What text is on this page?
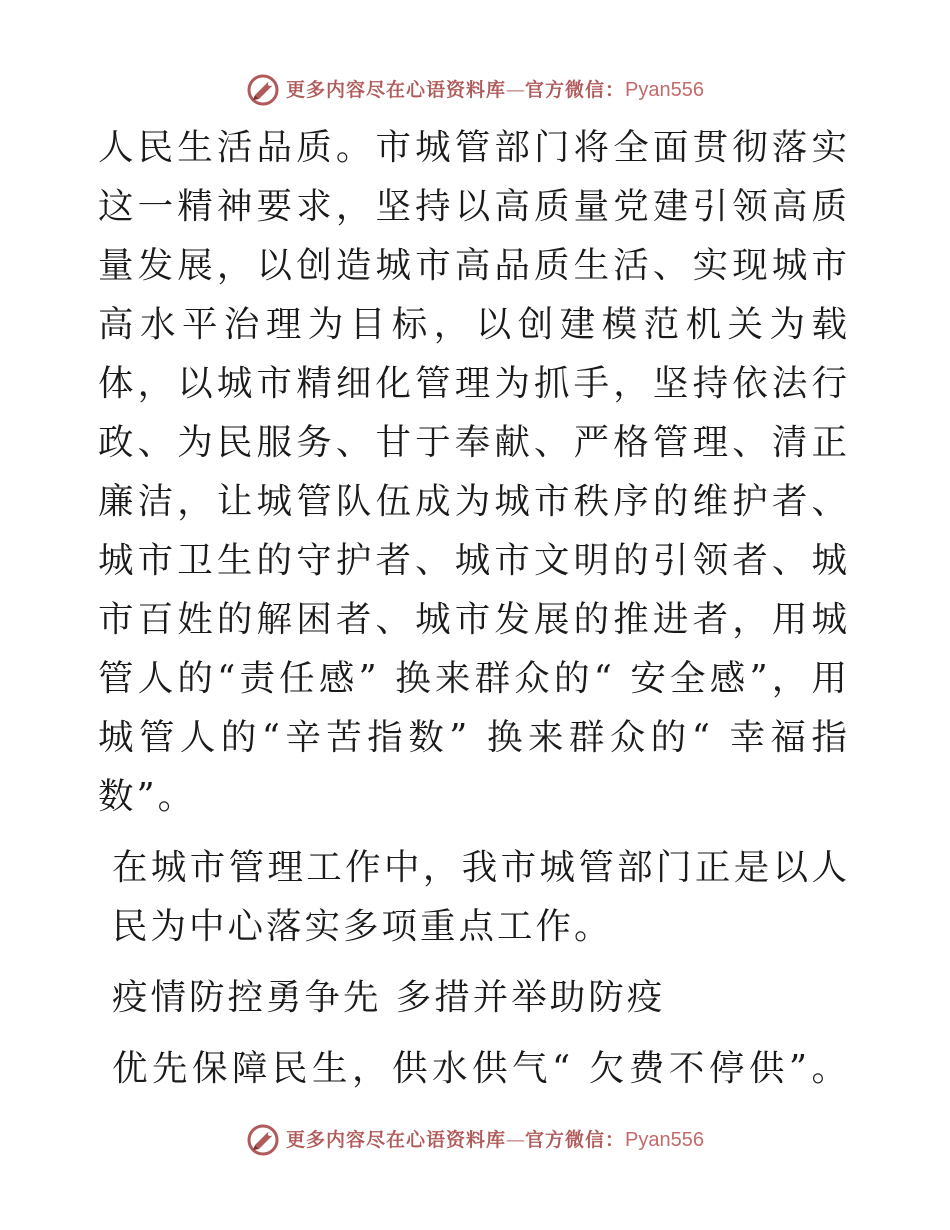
更多内容尽在心语资料库 — 官方微信： Pyan556

人民生活品质。市城管部门将全面贯彻落实这一精神要求，坚持以高质量党建引领高质量发展，以创造城市高品质生活、实现城市高水平治理为目标，以创建模范机关为载体，以城市精细化管理为抓手，坚持依法行政、为民服务、甘于奉献、严格管理、清正廉洁，让城管队伍成为城市秩序的维护者、城市卫生的守护者、城市文明的引领者、城市百姓的解困者、城市发展的推进者，用城管人的“责任感” 换来群众的“ 安全感”，用城管人的“辛苦指数” 换来群众的“ 幸福指数”。

在城市管理工作中，我市城管部门正是以人民为中心落实多项重点工作。

疫情防控勇争先 多措并举助防疫

优先保障民生，供水供气“ 欠费不停供”。

更多内容尽在心语资料库 — 官方微信： Pyan556
